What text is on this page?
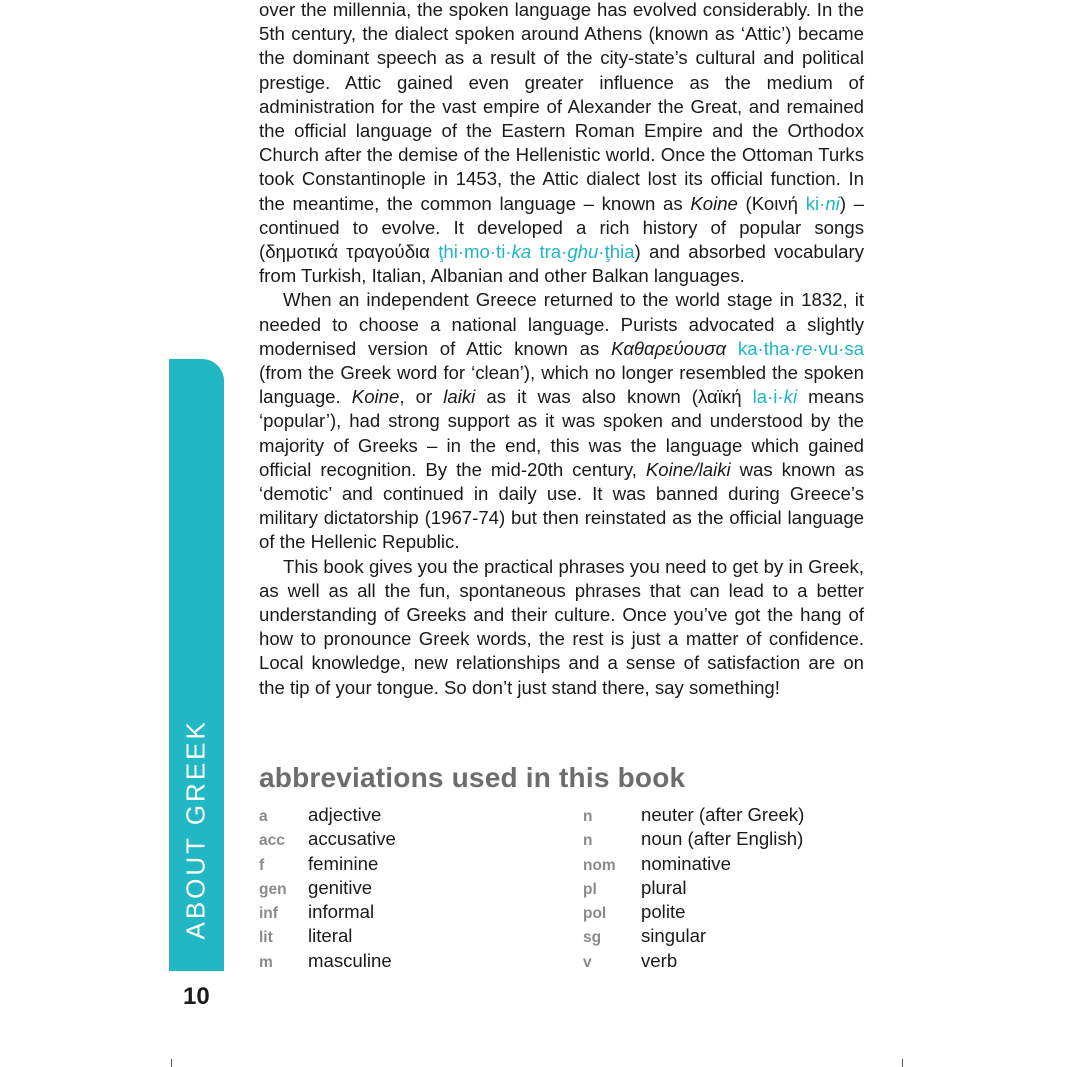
over the millennia, the spoken language has evolved considerably. In the 5th century, the dialect spoken around Athens (known as ‘Attic’) became the dominant speech as a result of the city-state’s cultural and political prestige. Attic gained even greater influence as the medium of administration for the vast empire of Alexander the Great, and remained the official language of the Eastern Roman Empire and the Orthodox Church after the demise of the Hellenistic world. Once the Ottoman Turks took Constantinople in 1453, the Attic dialect lost its official function. In the meantime, the common language – known as Koine (Κοινή ki·ni) – continued to evolve. It developed a rich history of popular songs (δημοτικά τραγούδια ţhi·mo·ti·ka tra·ghu·ţhia) and absorbed vocabulary from Turkish, Italian, Albanian and other Balkan languages.

When an independent Greece returned to the world stage in 1832, it needed to choose a national language. Purists advocated a slightly modernised version of Attic known as Καθαρεύουσα ka·tha·re·vu·sa (from the Greek word for ‘clean’), which no longer resembled the spoken language. Koine, or laiki as it was also known (λαϊκή la·i·ki means ‘popular’), had strong support as it was spoken and understood by the majority of Greeks – in the end, this was the language which gained official recognition. By the mid-20th century, Koine/laiki was known as ‘demotic’ and continued in daily use. It was banned during Greece’s military dictatorship (1967-74) but then reinstated as the official language of the Hellenic Republic.

This book gives you the practical phrases you need to get by in Greek, as well as all the fun, spontaneous phrases that can lead to a better understanding of Greeks and their culture. Once you’ve got the hang of how to pronounce Greek words, the rest is just a matter of confidence. Local knowledge, new relationships and a sense of satisfaction are on the tip of your tongue. So don’t just stand there, say something!

ABOUT GREEK
10
abbreviations used in this book
a	adjective
acc	accusative
f	feminine
gen	genitive
inf	informal
lit	literal
m	masculine
n	neuter (after Greek)
n	noun (after English)
nom	nominative
pl	plural
pol	polite
sg	singular
v	verb
